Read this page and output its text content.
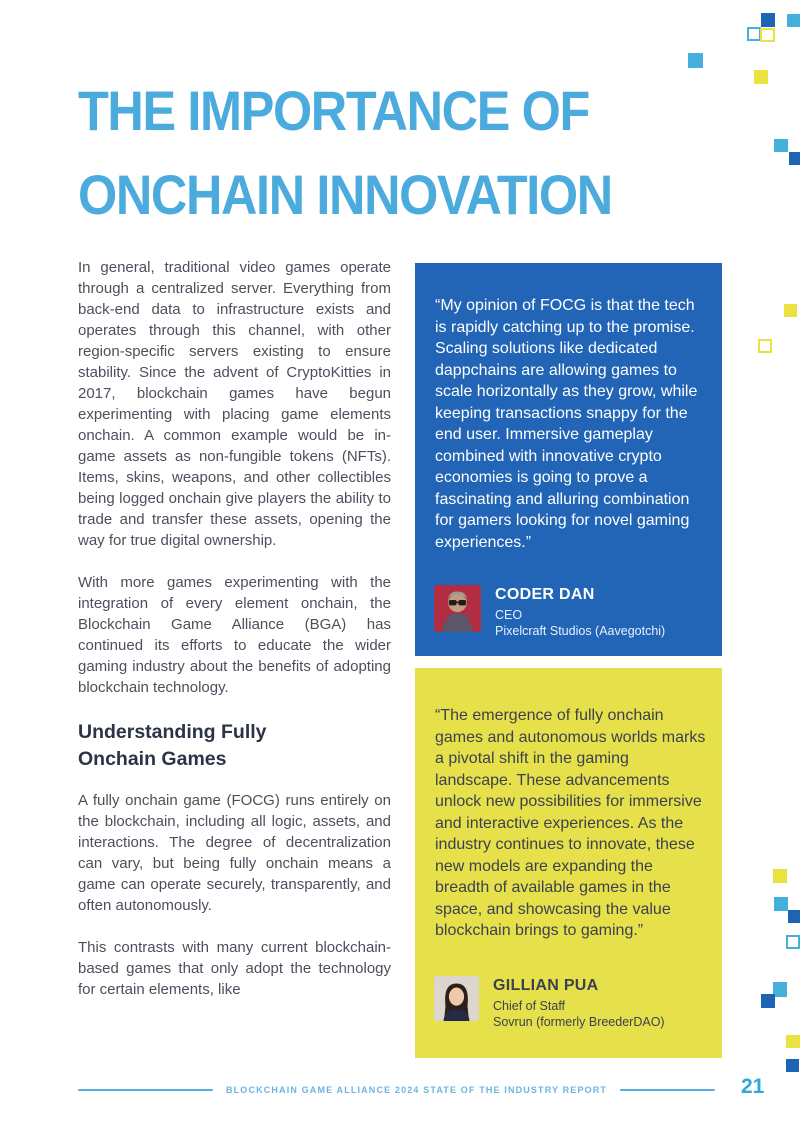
THE IMPORTANCE OF
ONCHAIN INNOVATION

In general, traditional video games operate through a centralized server. Everything from back-end data to infrastructure exists and operates through this channel, with other region-specific servers existing to ensure stability. Since the advent of CryptoKitties in 2017, blockchain games have begun experimenting with placing game elements onchain. A common example would be in-game assets as non-fungible tokens (NFTs). Items, skins, weapons, and other collectibles being logged onchain give players the ability to trade and transfer these assets, opening the way for true digital ownership.

With more games experimenting with the integration of every element onchain, the Blockchain Game Alliance (BGA) has continued its efforts to educate the wider gaming industry about the benefits of adopting blockchain technology.

Understanding Fully
Onchain Games

A fully onchain game (FOCG) runs entirely on the blockchain, including all logic, assets, and interactions. The degree of decentralization can vary, but being fully onchain means a game can operate securely, transparently, and often autonomously.

This contrasts with many current blockchain-based games that only adopt the technology for certain elements, like

“My opinion of FOCG is that the tech is rapidly catching up to the promise. Scaling solutions like dedicated dappchains are allowing games to scale horizontally as they grow, while keeping transactions snappy for the end user. Immersive gameplay combined with innovative crypto economies is going to prove a fascinating and alluring combination for gamers looking for novel gaming experiences.”

CODER DAN
CEO
Pixelcraft Studios (Aavegotchi)

“The emergence of fully onchain games and autonomous worlds marks a pivotal shift in the gaming landscape. These advancements unlock new possibilities for immersive and interactive experiences. As the industry continues to innovate, these new models are expanding the breadth of available games in the space, and showcasing the value blockchain brings to gaming.”

GILLIAN PUA
Chief of Staff
Sovrun (formerly BreederDAO)
BLOCKCHAIN GAME ALLIANCE 2024 STATE OF THE INDUSTRY REPORT	21
